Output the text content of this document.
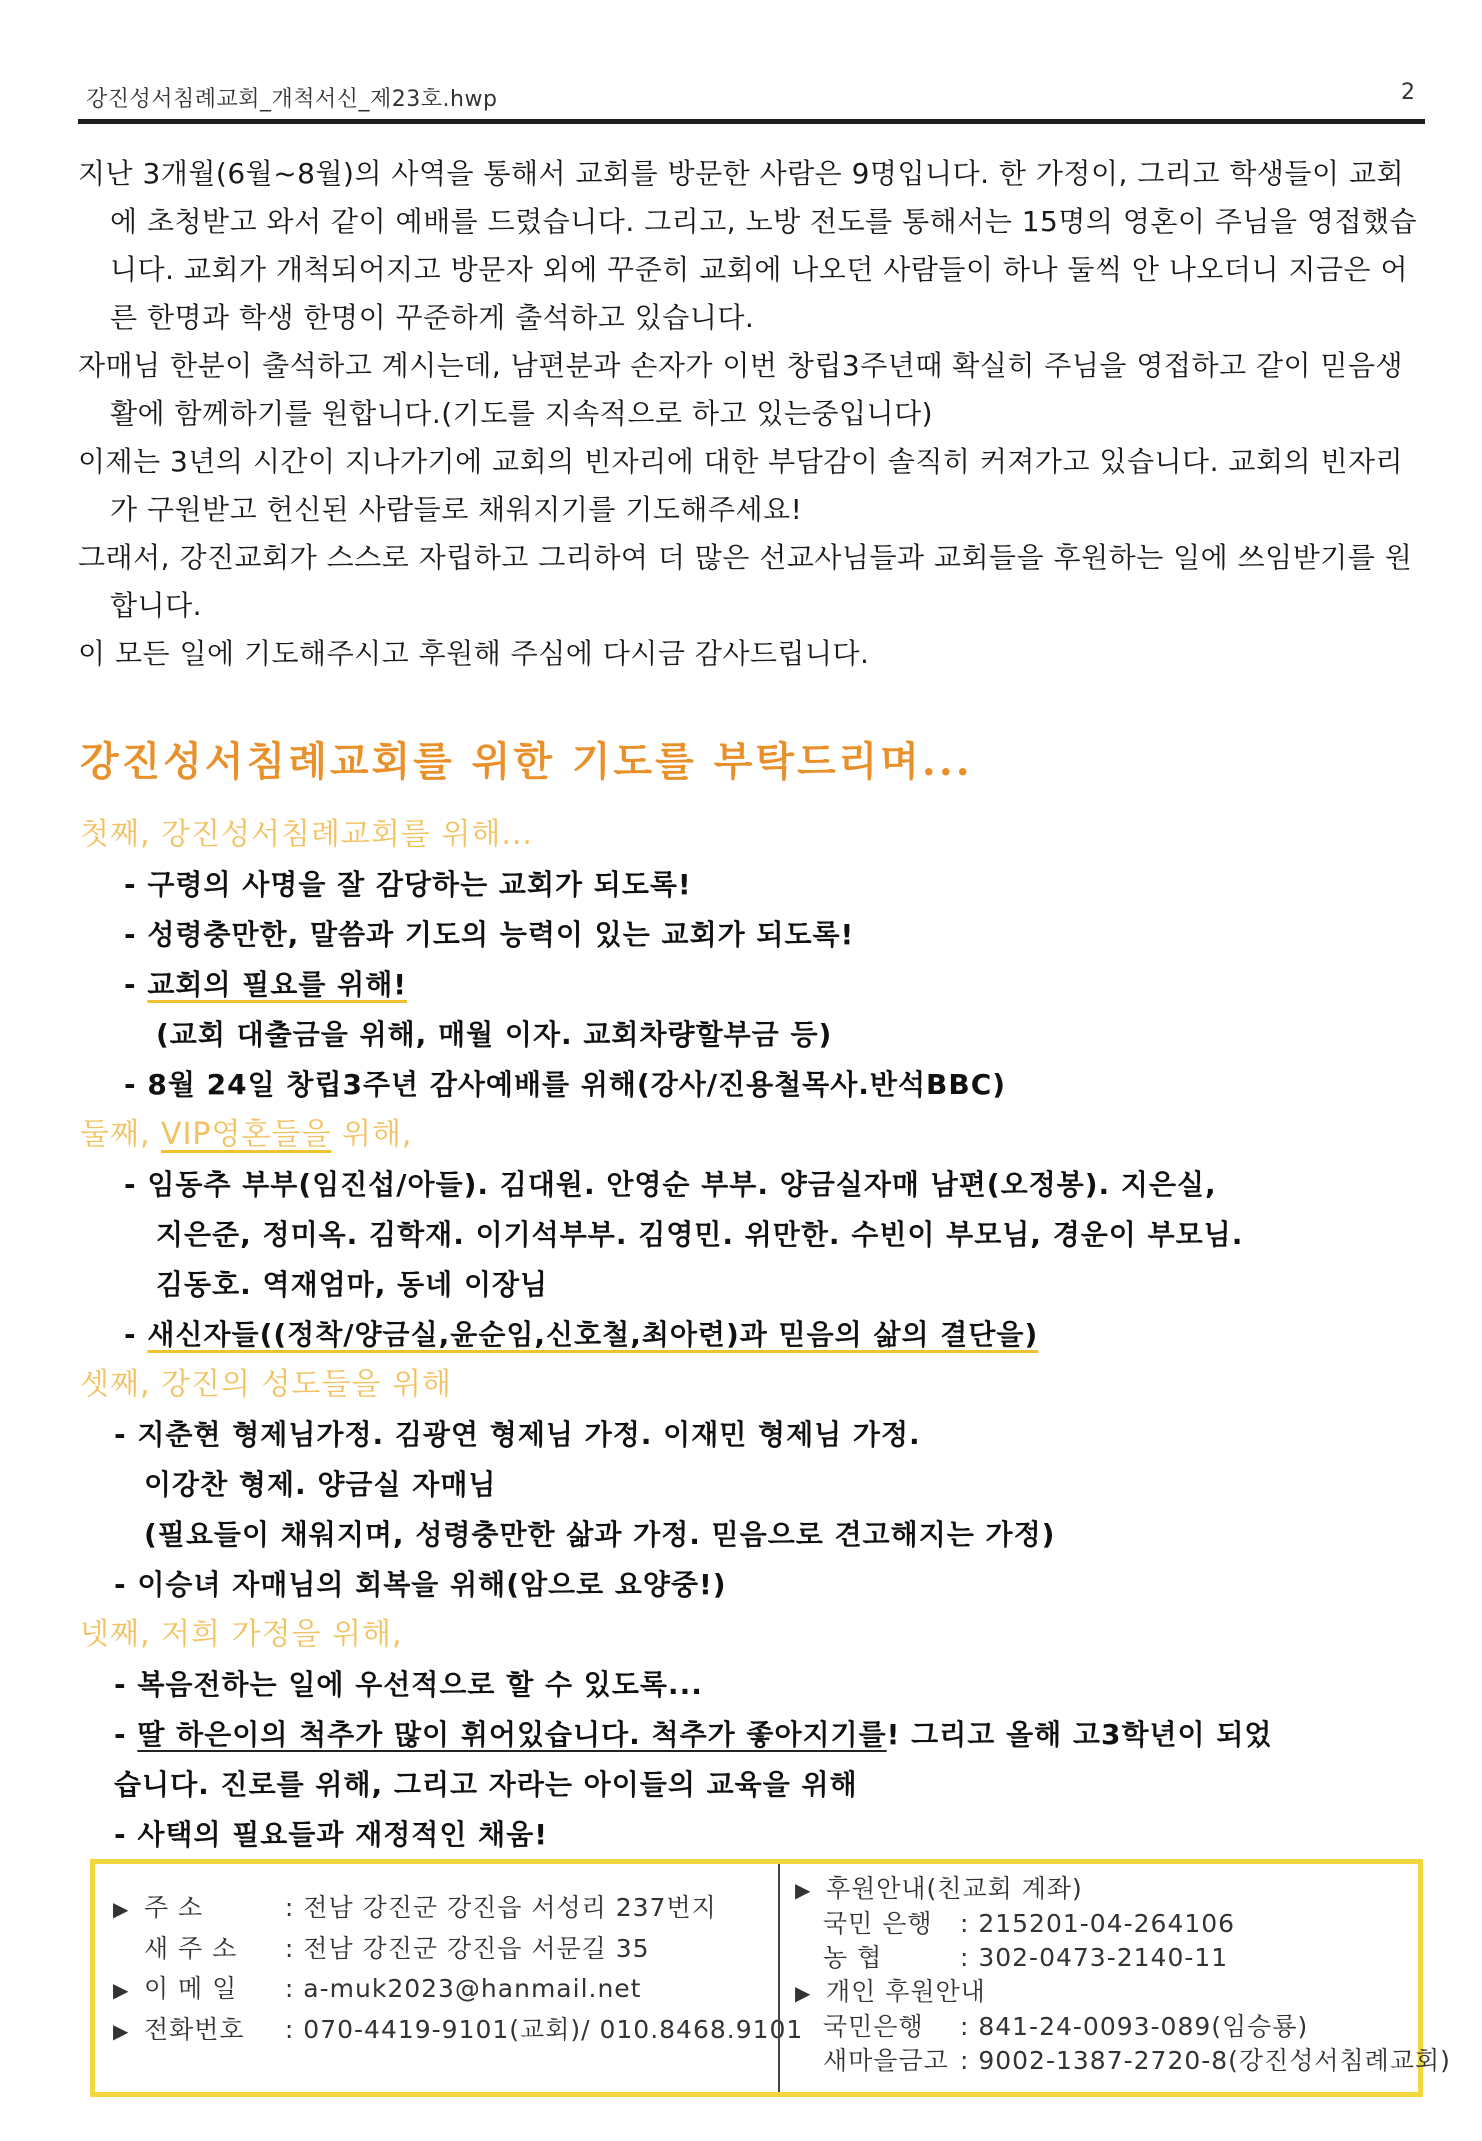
강진성서침례교회_개척서신_제23호.hwp	2

지난 3개월(6월~8월)의 사역을 통해서 교회를 방문한 사람은 9명입니다. 한 가정이, 그리고 학생들이 교회에 초청받고 와서 같이 예배를 드렸습니다. 그리고, 노방 전도를 통해서는 15명의 영혼이 주님을 영접했습니다. 교회가 개척되어지고 방문자 외에 꾸준히 교회에 나오던 사람들이 하나 둘씩 안 나오더니 지금은 어른 한명과 학생 한명이 꾸준하게 출석하고 있습니다.

자매님 한분이 출석하고 계시는데, 남편분과 손자가 이번 창립3주년때 확실히 주님을 영접하고 같이 믿음생활에 함께하기를 원합니다.(기도를 지속적으로 하고 있는중입니다)

이제는 3년의 시간이 지나가기에 교회의 빈자리에 대한 부담감이 솔직히 커져가고 있습니다. 교회의 빈자리가 구원받고 헌신된 사람들로 채워지기를 기도해주세요!

그래서, 강진교회가 스스로 자립하고 그리하여 더 많은 선교사님들과 교회들을 후원하는 일에 쓰임받기를 원합니다.

이 모든 일에 기도해주시고 후원해 주심에 다시금 감사드립니다.

강진성서침례교회를 위한 기도를 부탁드리며...

첫째, 강진성서침례교회를 위해...

- 구령의 사명을 잘 감당하는 교회가 되도록!

- 성령충만한, 말씀과 기도의 능력이 있는 교회가 되도록!

- 교회의 필요를 위해!

(교회 대출금을 위해, 매월 이자. 교회차량할부금 등)

- 8월 24일 창립3주년 감사예배를 위해(강사/진용철목사.반석BBC)

둘째, VIP영혼들을 위해,

- 임동추 부부(임진섭/아들). 김대원. 안영순 부부. 양금실자매 남편(오정봉). 지은실,

지은준, 정미옥. 김학재. 이기석부부. 김영민. 위만한. 수빈이 부모님, 경운이 부모님.

김동호. 역재엄마, 동네 이장님

- 새신자들((정착/양금실,윤순임,신호철,최아련)과 믿음의 삶의 결단을)

셋째, 강진의 성도들을 위해

- 지춘현 형제님가정. 김광연 형제님 가정. 이재민 형제님 가정.

이강찬 형제. 양금실 자매님

(필요들이 채워지며, 성령충만한 삶과 가정. 믿음으로 견고해지는 가정)

- 이승녀 자매님의 회복을 위해(암으로 요양중!)

넷째, 저희 가정을 위해,

- 복음전하는 일에 우선적으로 할 수 있도록...

- 딸 하은이의 척추가 많이 휘어있습니다. 척추가 좋아지기를! 그리고 올해 고3학년이 되었

습니다. 진로를 위해, 그리고 자라는 아이들의 교육을 위해

- 사택의 필요들과 재정적인 채움!

▶ 주 소	: 전남 강진군 강진읍 서성리 237번지
새 주 소 : 전남 강진군 강진읍 서문길 35
▶ 이 메 일 : a-muk2023@hanmail.net
▶ 전화번호 : 070-4419-9101(교회)/ 010.8468.9101
▶ 후원안내(친교회 계좌)
국민 은행 : 215201-04-264106
농 협	: 302-0473-2140-11
▶ 개인 후원안내
국민은행 : 841-24-0093-089(임승룡)
새마을금고 : 9002-1387-2720-8(강진성서침례교회)
